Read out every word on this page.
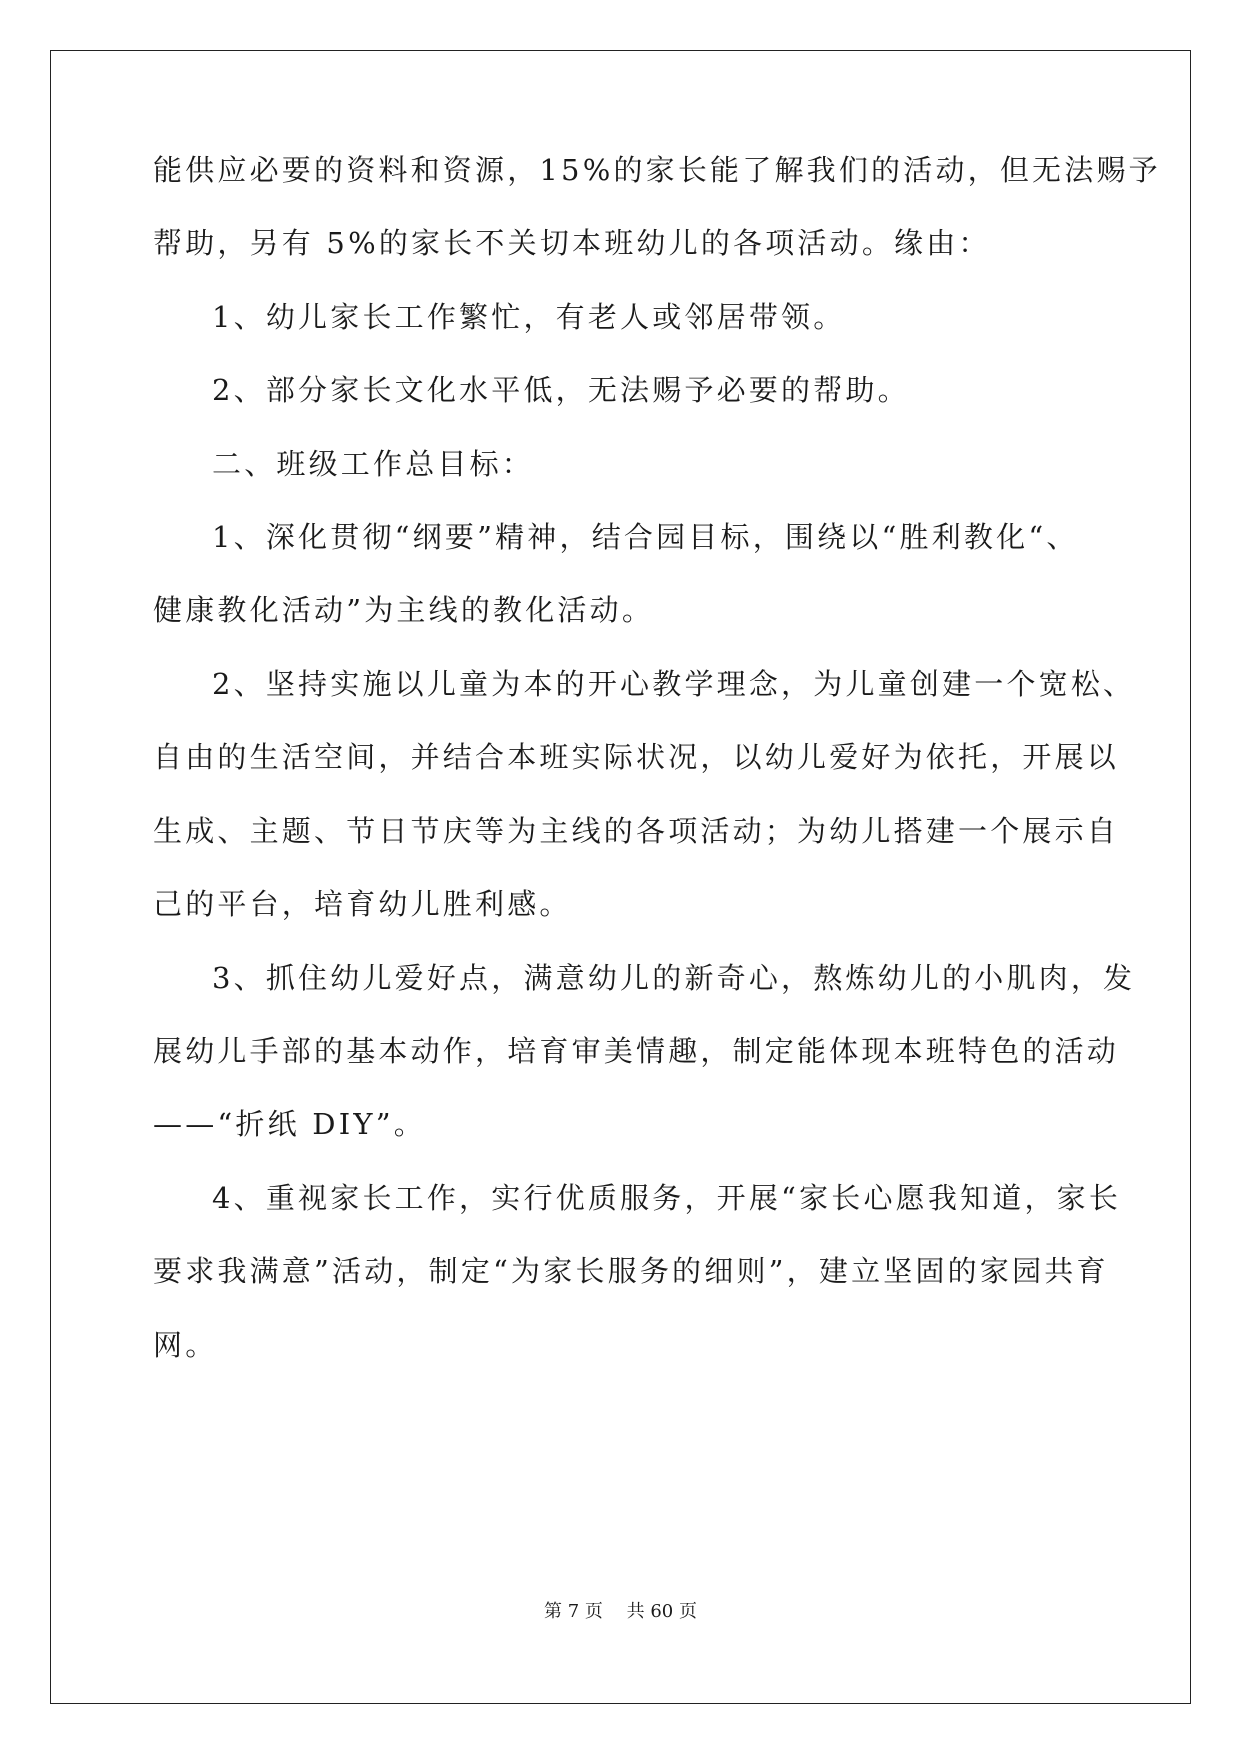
能供应必要的资料和资源，15%的家长能了解我们的活动，但无法赐予
帮助，另有 5%的家长不关切本班幼儿的各项活动。缘由：
1、幼儿家长工作繁忙，有老人或邻居带领。
2、部分家长文化水平低，无法赐予必要的帮助。
二、班级工作总目标：
1、深化贯彻“纲要”精神，结合园目标，围绕以“胜利教化“、
健康教化活动”为主线的教化活动。
2、坚持实施以儿童为本的开心教学理念，为儿童创建一个宽松、
自由的生活空间，并结合本班实际状况，以幼儿爱好为依托，开展以
生成、主题、节日节庆等为主线的各项活动；为幼儿搭建一个展示自
己的平台，培育幼儿胜利感。
3、抓住幼儿爱好点，满意幼儿的新奇心，熬炼幼儿的小肌肉，发
展幼儿手部的基本动作，培育审美情趣，制定能体现本班特色的活动
——“折纸 DIY”。
4、重视家长工作，实行优质服务，开展“家长心愿我知道，家长
要求我满意”活动，制定“为家长服务的细则”，建立坚固的家园共育
网。
第 7 页　 共 60 页
